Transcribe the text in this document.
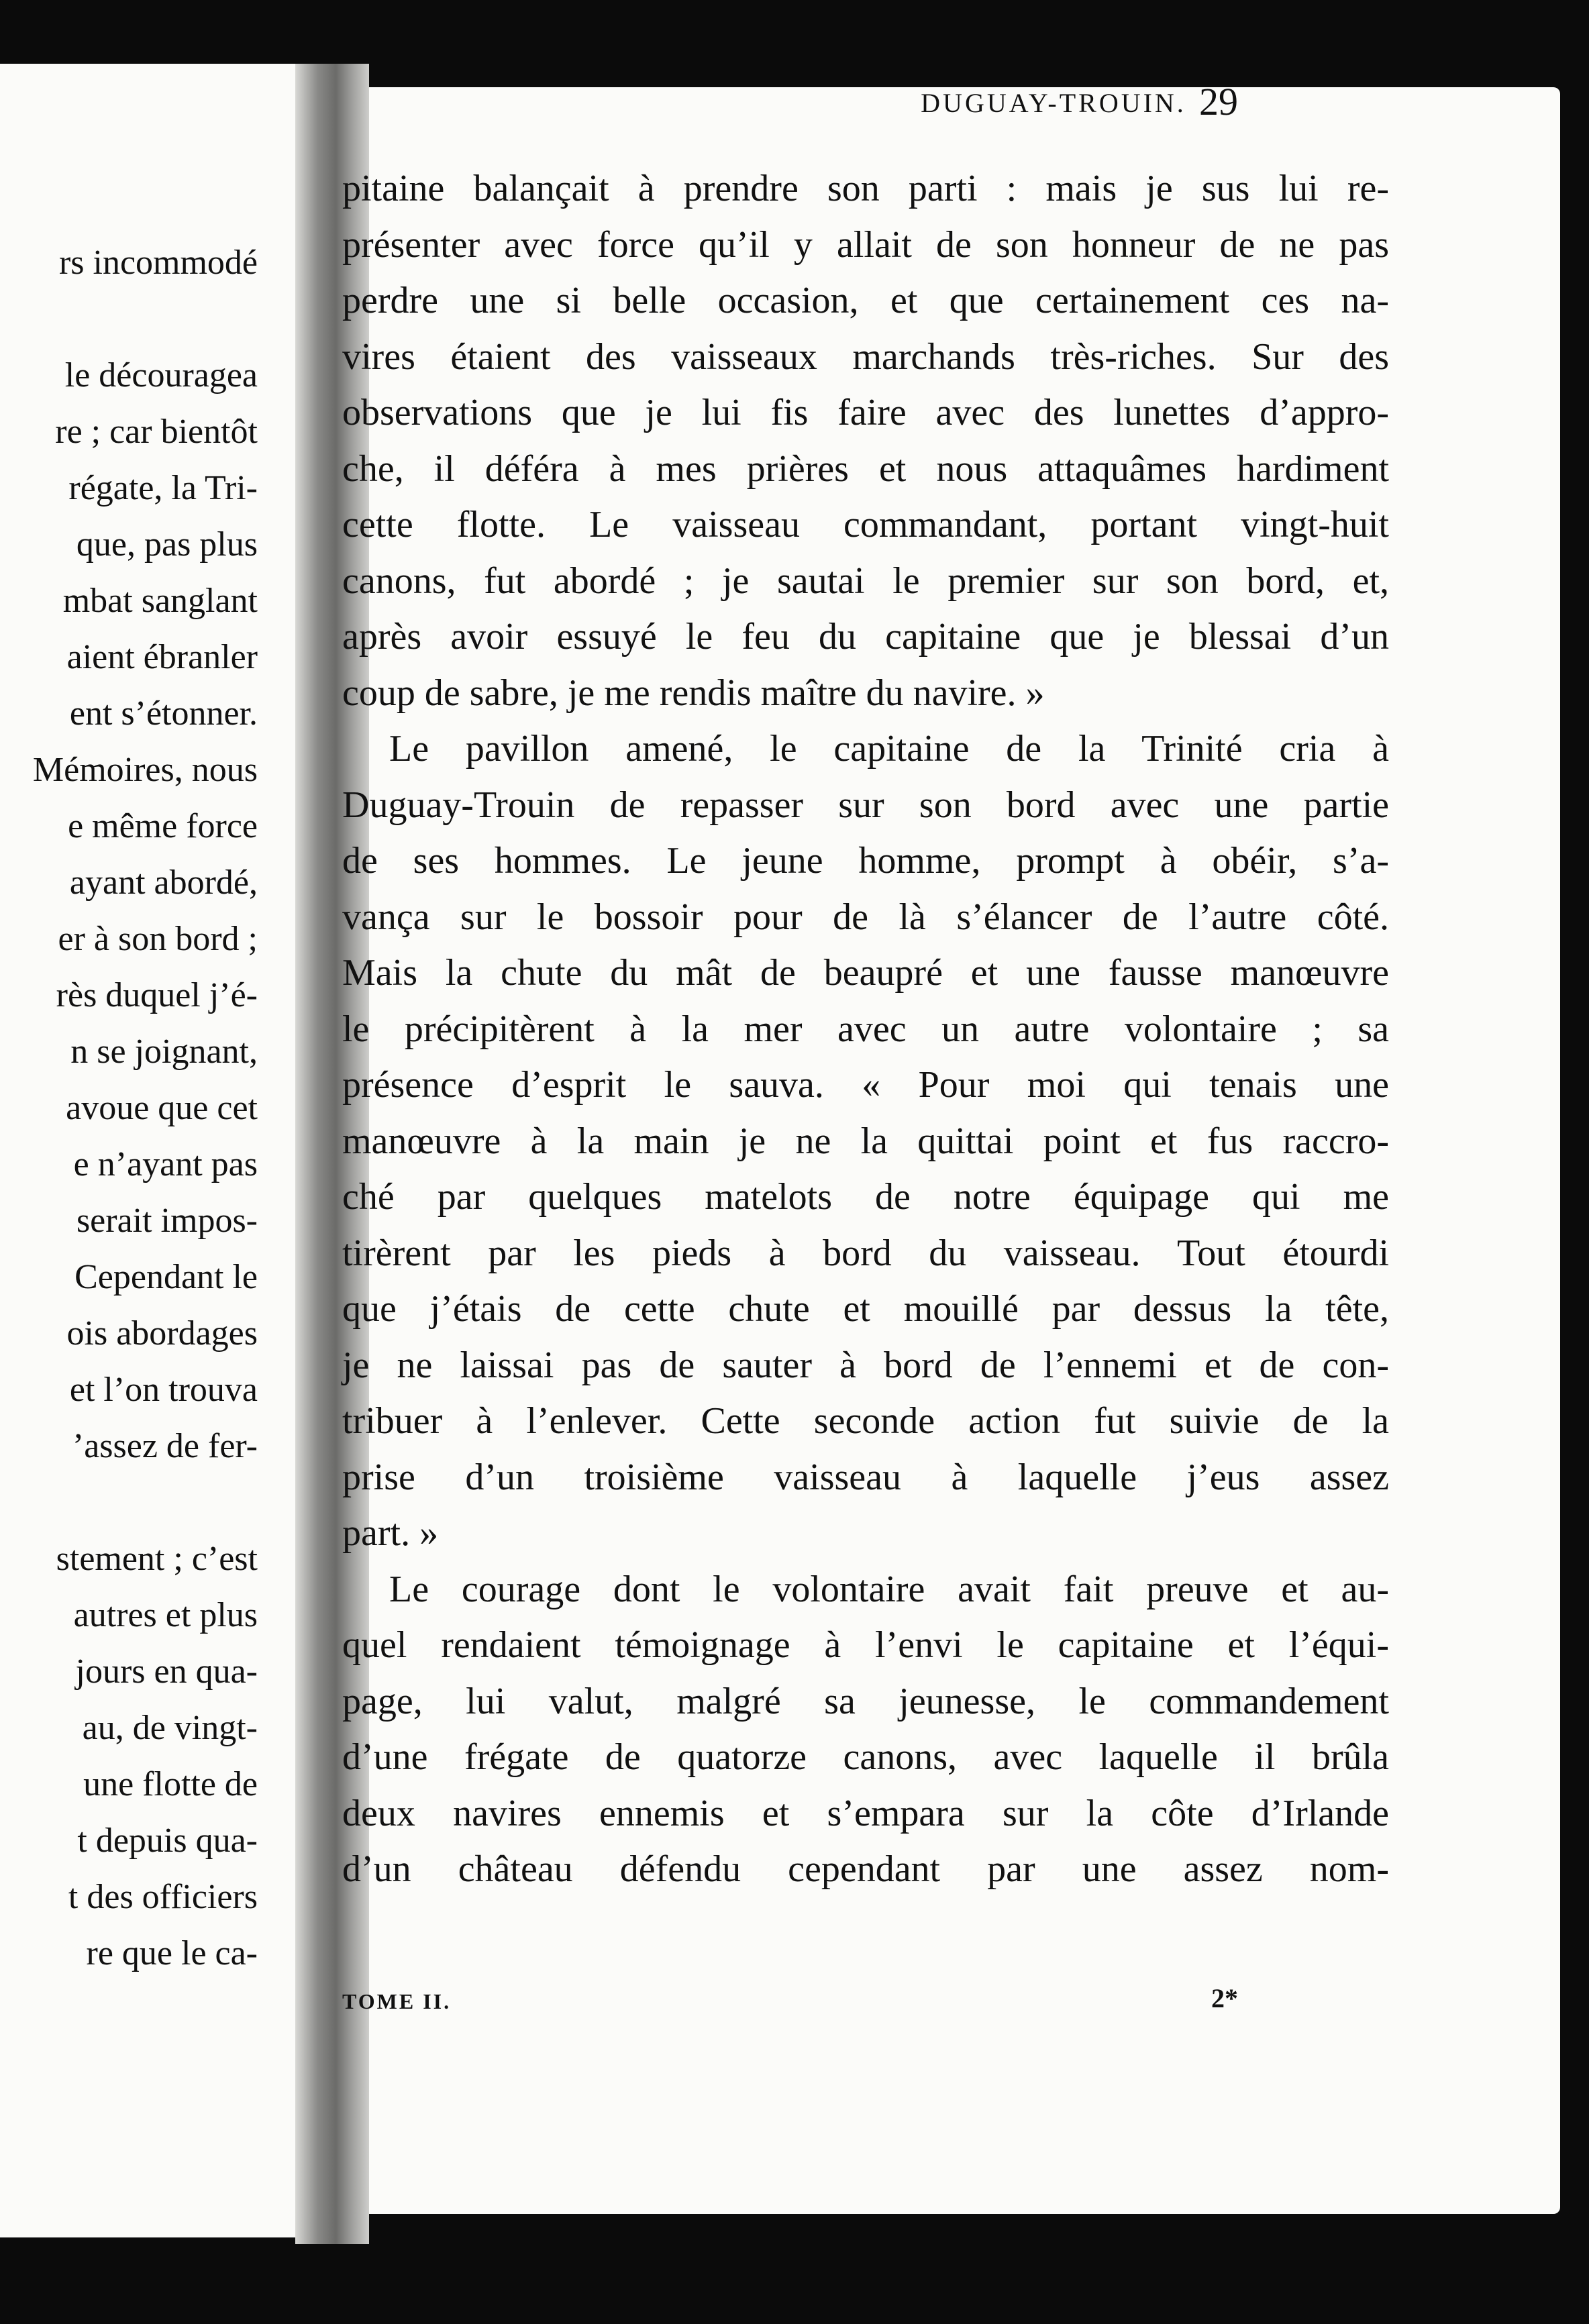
rs incommodé
le découragea
re ; car bientôt
régate, la Tri-
que, pas plus
mbat sanglant
aient ébranler
ent s’étonner.
Mémoires, nous
e même force
ayant abordé,
er à son bord ;
rès duquel j’é-
n se joignant,
avoue que cet
e n’ayant pas
serait impos-
Cependant le
ois abordages
et l’on trouva
’assez de fer-
stement ; c’est
autres et plus
jours en qua-
au, de vingt-
une flotte de
t depuis qua-
t des officiers
re que le ca-
DUGUAY-TROUIN. 29
pitaine balançait à prendre son parti : mais je sus lui re-
présenter avec force qu’il y allait de son honneur de ne pas
perdre une si belle occasion, et que certainement ces na-
vires étaient des vaisseaux marchands très-riches. Sur des
observations que je lui fis faire avec des lunettes d’appro-
che, il déféra à mes prières et nous attaquâmes hardiment
cette flotte. Le vaisseau commandant, portant vingt-huit
canons, fut abordé ; je sautai le premier sur son bord, et,
après avoir essuyé le feu du capitaine que je blessai d’un
coup de sabre, je me rendis maître du navire. »
Le pavillon amené, le capitaine de la Trinité cria à
Duguay-Trouin de repasser sur son bord avec une partie
de ses hommes. Le jeune homme, prompt à obéir, s’a-
vança sur le bossoir pour de là s’élancer de l’autre côté.
Mais la chute du mât de beaupré et une fausse manœuvre
le précipitèrent à la mer avec un autre volontaire ; sa
présence d’esprit le sauva. « Pour moi qui tenais une
manœuvre à la main je ne la quittai point et fus raccro-
ché par quelques matelots de notre équipage qui me
tirèrent par les pieds à bord du vaisseau. Tout étourdi
que j’étais de cette chute et mouillé par dessus la tête,
je ne laissai pas de sauter à bord de l’ennemi et de con-
tribuer à l’enlever. Cette seconde action fut suivie de la
prise d’un troisième vaisseau à laquelle j’eus assez
part. »
Le courage dont le volontaire avait fait preuve et au-
quel rendaient témoignage à l’envi le capitaine et l’équi-
page, lui valut, malgré sa jeunesse, le commandement
d’une frégate de quatorze canons, avec laquelle il brûla
deux navires ennemis et s’empara sur la côte d’Irlande
d’un château défendu cependant par une assez nom-
TOME II.	2*
